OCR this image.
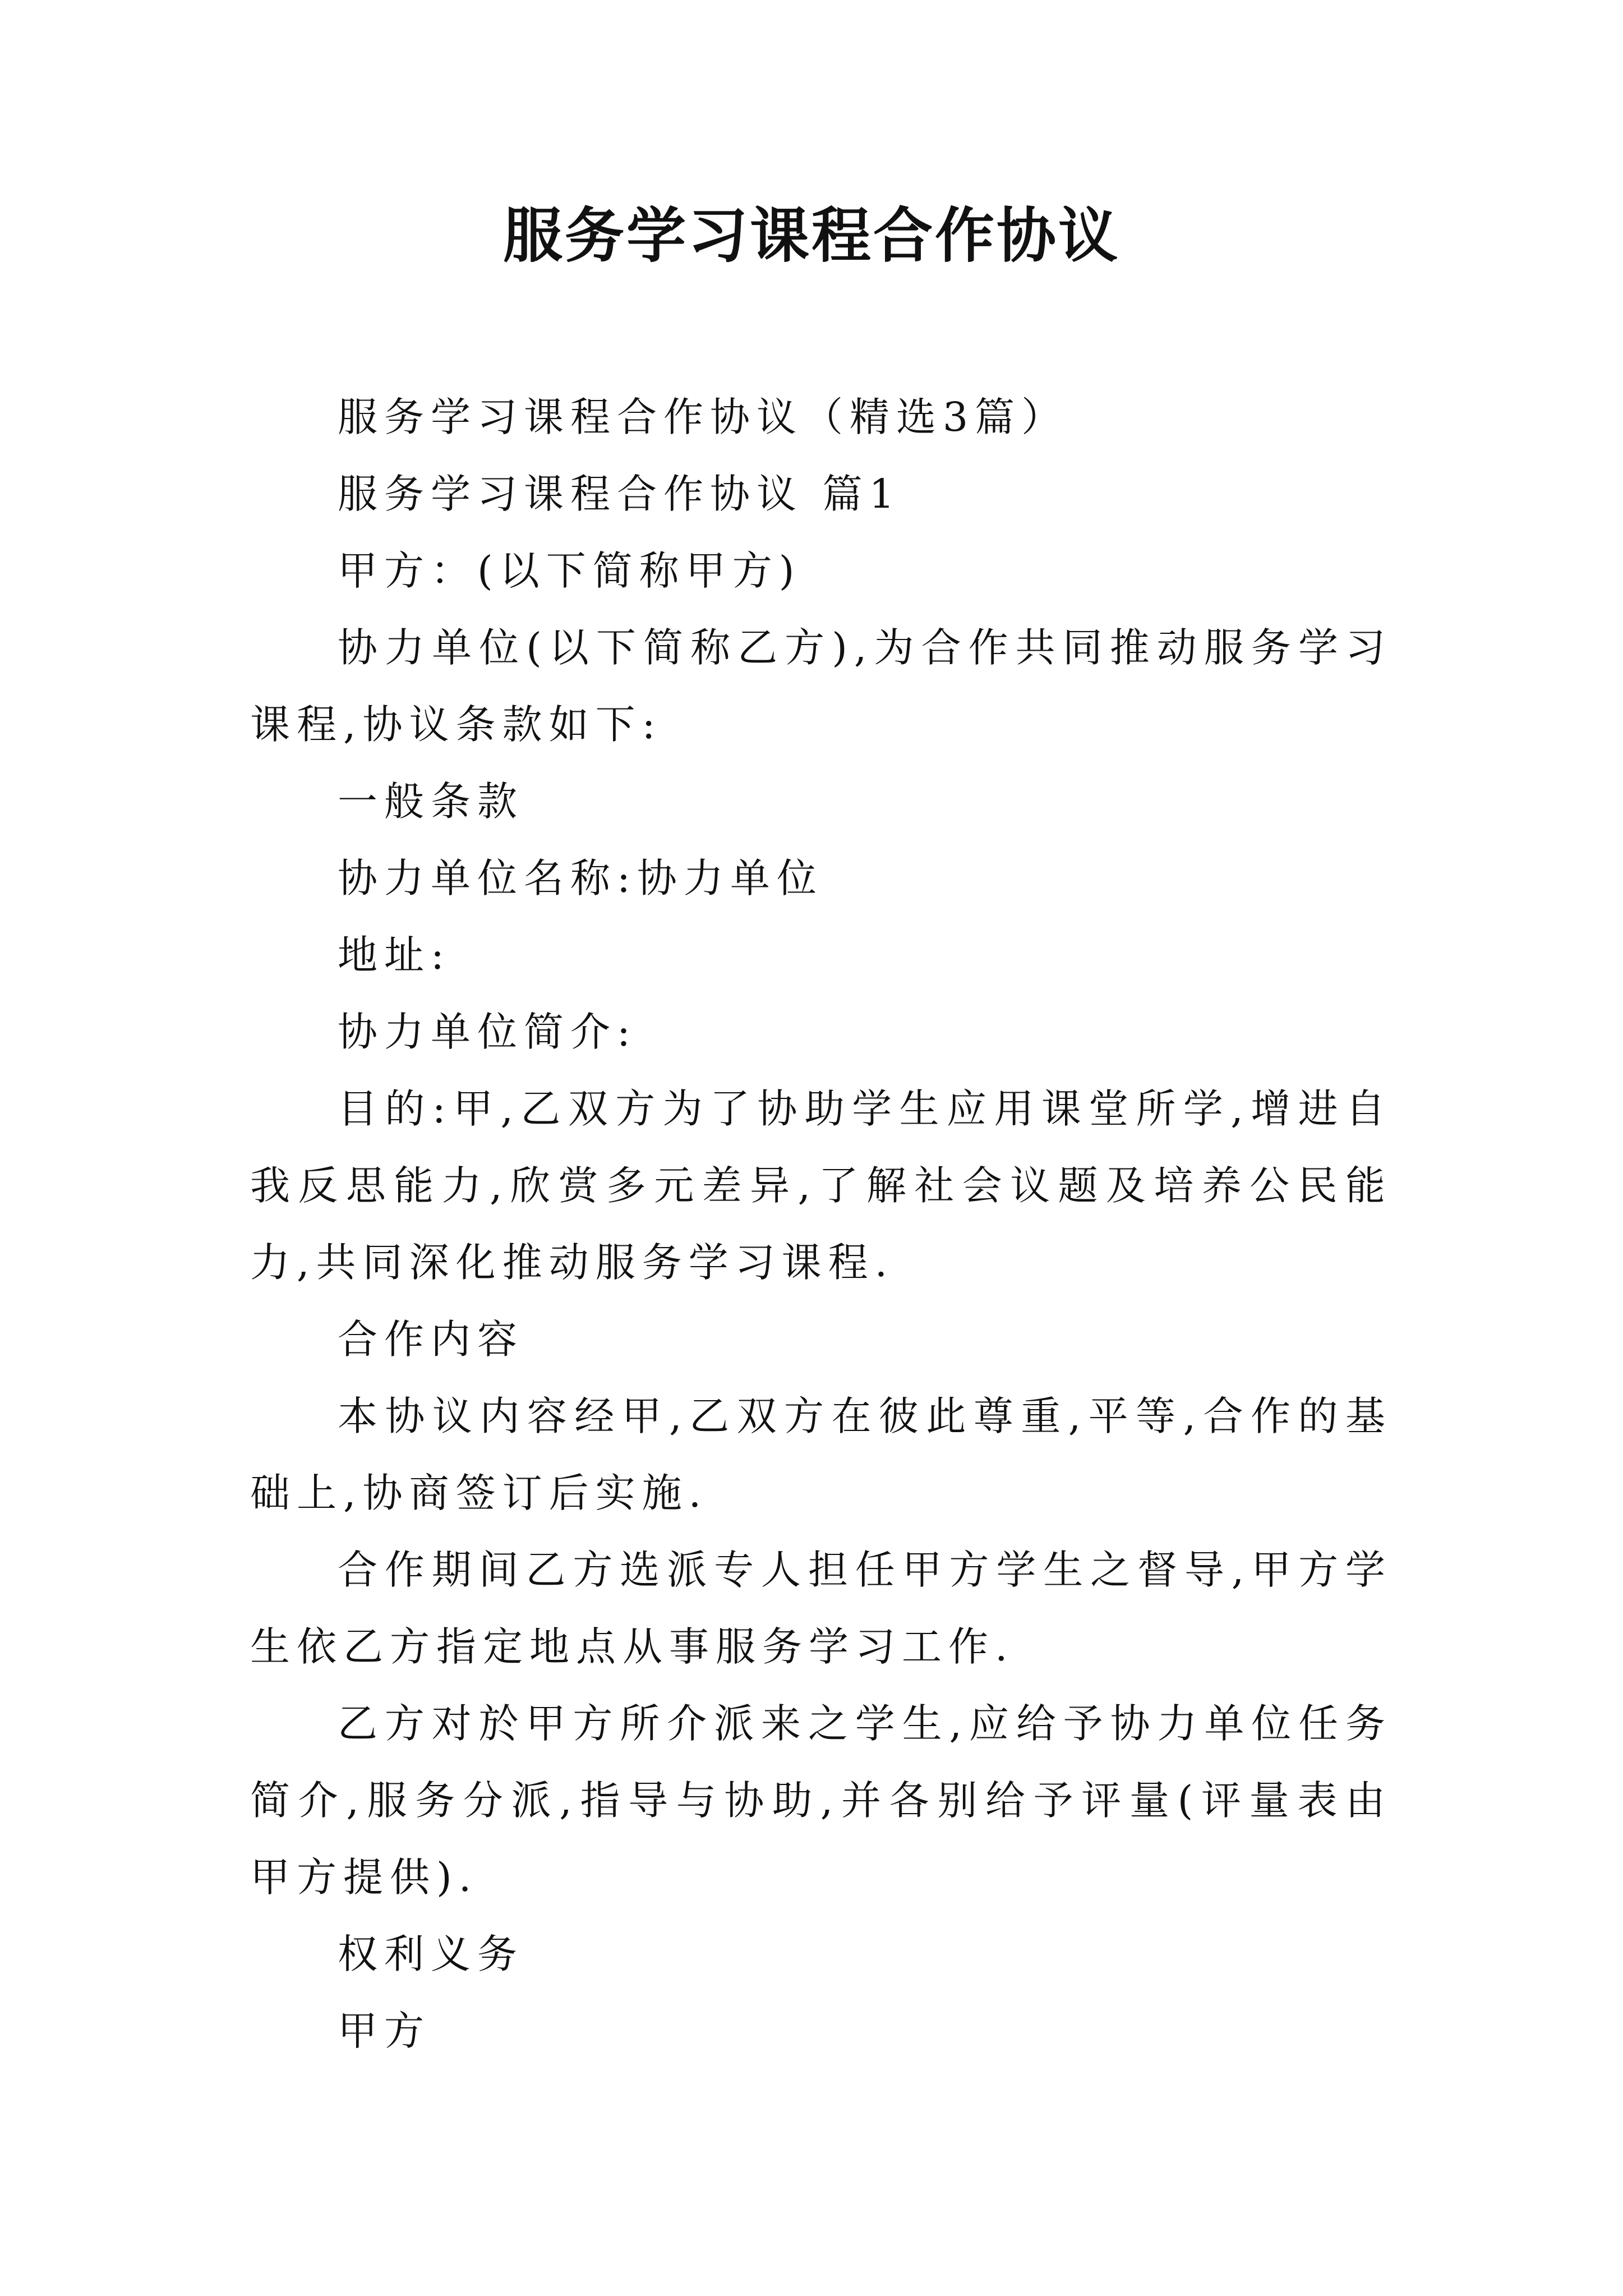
服务学习课程合作协议

服务学习课程合作协议（精选3篇）

服务学习课程合作协议 篇1

甲方：(以下简称甲方)

协力单位(以下简称乙方),为合作共同推动服务学习课程,协议条款如下:

一般条款

协力单位名称:协力单位

地址:

协力单位简介:

目的:甲,乙双方为了协助学生应用课堂所学,增进自我反思能力,欣赏多元差异,了解社会议题及培养公民能力,共同深化推动服务学习课程.

合作内容

本协议内容经甲,乙双方在彼此尊重,平等,合作的基础上,协商签订后实施.

合作期间乙方选派专人担任甲方学生之督导,甲方学生依乙方指定地点从事服务学习工作.

乙方对於甲方所介派来之学生,应给予协力单位任务简介,服务分派,指导与协助,并各别给予评量(评量表由甲方提供).

权利义务

甲方
